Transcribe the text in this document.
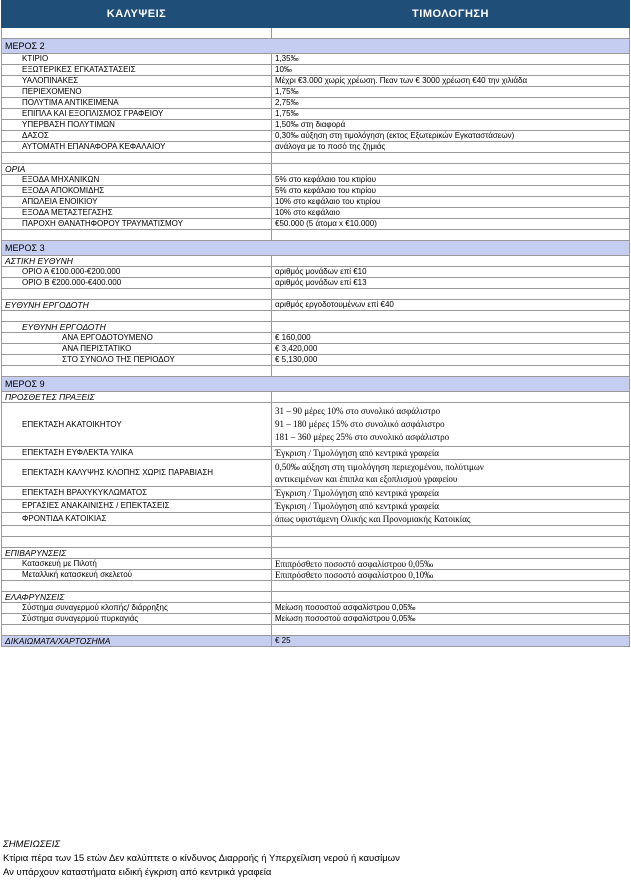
ΚΑΛΥΨΕΙΣ	ΤΙΜΟΛΟΓΗΣΗ

ΜΕΡΟΣ 2	
ΚΤΙΡΙΟ	1,35‰
ΕΞΩΤΕΡΙΚΕΣ ΕΓΚΑΤΑΣΤΑΣΕΙΣ	10‰
ΥΑΛΟΠΙΝΑΚΕΣ	Μέχρι €3.000 χωρίς χρέωση. Πεαν των € 3000 χρέωση €40 την χιλιάδα
ΠΕΡΙΕΧΟΜΕΝΟ	1,75‰
ΠΟΛΥΤΙΜΑ ΑΝΤΙΚΕΙΜΕΝΑ	2,75‰
ΕΠΙΠΛΑ ΚΑΙ ΕΞΟΠΛΙΣΜΟΣ ΓΡΑΦΕΙΟΥ	1,75‰
ΥΠΕΡΒΑΣΗ ΠΟΛΥΤΙΜΩΝ	1,50‰ στη διαφορά
ΔΑΣΟΣ	0,30‰ αύξηση στη τιμολόγηση (εκτος Εξωτερικών Εγκαταστάσεων)
ΑΥΤΟΜΑΤΗ ΕΠΑΝΑΦΟΡΑ ΚΕΦΑΛΑΙΟΥ	ανάλογα με το ποσό της ζημιάς

ΟΡΙΑ	
ΕΞΟΔΑ ΜΗΧΑΝΙΚΩΝ	5% στο κεφάλαιο του κτιρίου
ΕΞΟΔΑ ΑΠΟΚΟΜΙΔΗΣ	5% στο κεφάλαιο του κτιρίου
ΑΠΩΛΕΙΑ ΕΝΟΙΚΙΟΥ	10% στο κεφάλαιο του κτιρίου
ΕΞΟΔΑ ΜΕΤΑΣΤΕΓΑΣΗΣ	10% στο κεφάλαιο
ΠΑΡΟΧΗ ΘΑΝΑΤΗΦΟΡΟΥ ΤΡΑΥΜΑΤΙΣΜΟΥ	€50.000 (5 άτομα x €10.000)

ΜΕΡΟΣ 3	
ΑΣΤΙΚΗ ΕΥΘΥΝΗ	
ΟΡΙΟ Α €100.000-€200.000	αριθμός μονάδων επί €10
ΟΡΙΟ Β €200.000-€400.000	αριθμός μονάδων επί €13

ΕΥΘΥΝΗ ΕΡΓΟΔΟΤΗ	αριθμός εργοδοτουμένων επί €40

ΕΥΘΥΝΗ ΕΡΓΟΔΟΤΗ	
ΑΝΑ ΕΡΓΟΔΟΤΟΥΜΕΝΟ	€ 160,000
ΑΝΑ ΠΕΡΙΣΤΑΤΙΚΟ	€ 3,420,000
ΣΤΟ ΣΥΝΟΛΟ ΤΗΣ ΠΕΡΙΟΔΟΥ	€ 5,130,000

ΜΕΡΟΣ 9	
ΠΡΟΣΘΕΤΕΣ ΠΡΑΞΕΙΣ	
ΕΠΕΚΤΑΣΗ ΑΚΑΤΟΙΚΗΤΟΥ	31 – 90 μέρες 10% στο συνολικό ασφάλιστρο
91 – 180 μέρες 15% στο συνολικό ασφάλιστρο
181 – 360 μέρες 25% στο συνολικό ασφάλιστρο

ΕΠΕΚΤΑΣΗ ΕΥΦΛΕΚΤΑ ΥΛΙΚΑ	Έγκριση / Τιμολόγηση από κεντρικά γραφεία
ΕΠΕΚΤΑΣΗ ΚΑΛΥΨΗΣ ΚΛΟΠΗΣ ΧΩΡΙΣ ΠΑΡΑΒΙΑΣΗ	0,50‰ αύξηση στη τιμολόγηση περιεχομένου, πολύτιμων
αντικειμένων και έπιπλα και εξοπλισμού γραφείου

ΕΠΕΚΤΑΣΗ ΒΡΑΧΥΚΥΚΛΩΜΑΤΟΣ	Έγκριση / Τιμολόγηση από κεντρικά γραφεία
ΕΡΓΑΣΙΕΣ ΑΝΑΚΑΙΝΙΣΗΣ / ΕΠΕΚΤΑΣΕΙΣ	Έγκριση / Τιμολόγηση από κεντρικά γραφεία
ΦΡΟΝΤΙΔΑ ΚΑΤΟΙΚΙΑΣ	όπως υφιστάμενη Ολικής και Προνομιακής Κατοικίας

ΕΠΙΒΑΡΥΝΣΕΙΣ	
Κατασκευή με Πιλοτή	Επιπρόσθετο ποσοστό ασφαλίστρου 0,05‰
Μεταλλική κατασκευή σκελετού	Επιπρόσθετο ποσοστό ασφαλίστρου 0,10‰

ΕΛΑΦΡΥΝΣΕΙΣ	
Σύστημα συναγερμού κλοπής/ διάρρηξης	Μείωση ποσοστού ασφαλίστρου 0,05‰
Σύστημα συναγερμού πυρκαγιάς	Μείωση ποσοστού ασφαλίστρου 0,05‰

ΔΙΚΑΙΩΜΑΤΑ/ΧΑΡΤΟΣΗΜΑ	€ 25
ΣΗΜΕΙΩΣΕΙΣ
Κτίρια πέρα των 15 ετών Δεν καλύπτετε ο κίνδυνος Διαρροής ή Υπερχείλιση νερού ή καυσίμων
Αν υπάρχουν καταστήματα ειδική έγκριση από κεντρικά γραφεία
